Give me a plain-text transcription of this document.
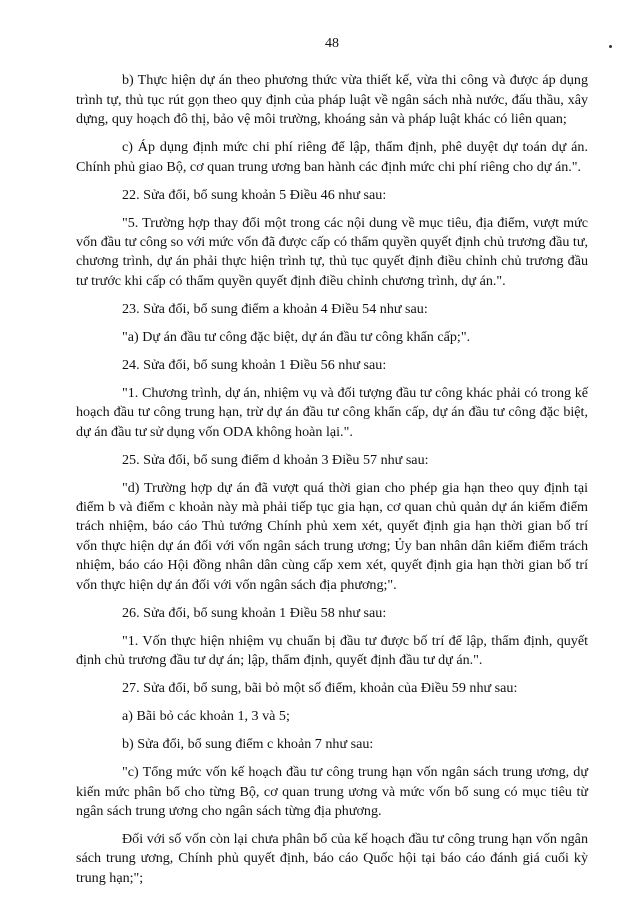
48

b) Thực hiện dự án theo phương thức vừa thiết kế, vừa thi công và được áp dụng trình tự, thủ tục rút gọn theo quy định của pháp luật về ngân sách nhà nước, đấu thầu, xây dựng, quy hoạch đô thị, bảo vệ môi trường, khoáng sản và pháp luật khác có liên quan;

c) Áp dụng định mức chi phí riêng để lập, thẩm định, phê duyệt dự toán dự án. Chính phủ giao Bộ, cơ quan trung ương ban hành các định mức chi phí riêng cho dự án.".

22. Sửa đổi, bổ sung khoản 5 Điều 46 như sau:

"5. Trường hợp thay đổi một trong các nội dung về mục tiêu, địa điểm, vượt mức vốn đầu tư công so với mức vốn đã được cấp có thẩm quyền quyết định chủ trương đầu tư, chương trình, dự án phải thực hiện trình tự, thủ tục quyết định điều chỉnh chủ trương đầu tư trước khi cấp có thẩm quyền quyết định điều chỉnh chương trình, dự án.".

23. Sửa đổi, bổ sung điểm a khoản 4 Điều 54 như sau:

"a) Dự án đầu tư công đặc biệt, dự án đầu tư công khẩn cấp;".

24. Sửa đổi, bổ sung khoản 1 Điều 56 như sau:

"1. Chương trình, dự án, nhiệm vụ và đối tượng đầu tư công khác phải có trong kế hoạch đầu tư công trung hạn, trừ dự án đầu tư công khẩn cấp, dự án đầu tư công đặc biệt, dự án đầu tư sử dụng vốn ODA không hoàn lại.".

25. Sửa đổi, bổ sung điểm d khoản 3 Điều 57 như sau:

"d) Trường hợp dự án đã vượt quá thời gian cho phép gia hạn theo quy định tại điểm b và điểm c khoản này mà phải tiếp tục gia hạn, cơ quan chủ quản dự án kiểm điểm trách nhiệm, báo cáo Thủ tướng Chính phủ xem xét, quyết định gia hạn thời gian bố trí vốn thực hiện dự án đối với vốn ngân sách trung ương; Ủy ban nhân dân kiểm điểm trách nhiệm, báo cáo Hội đồng nhân dân cùng cấp xem xét, quyết định gia hạn thời gian bố trí vốn thực hiện dự án đối với vốn ngân sách địa phương;".

26. Sửa đổi, bổ sung khoản 1 Điều 58 như sau:

"1. Vốn thực hiện nhiệm vụ chuẩn bị đầu tư được bố trí để lập, thẩm định, quyết định chủ trương đầu tư dự án; lập, thẩm định, quyết định đầu tư dự án.".

27. Sửa đổi, bổ sung, bãi bỏ một số điểm, khoản của Điều 59 như sau:

a) Bãi bỏ các khoản 1, 3 và 5;

b) Sửa đổi, bổ sung điểm c khoản 7 như sau:

"c) Tổng mức vốn kế hoạch đầu tư công trung hạn vốn ngân sách trung ương, dự kiến mức phân bổ cho từng Bộ, cơ quan trung ương và mức vốn bổ sung có mục tiêu từ ngân sách trung ương cho ngân sách từng địa phương.

Đối với số vốn còn lại chưa phân bổ của kế hoạch đầu tư công trung hạn vốn ngân sách trung ương, Chính phủ quyết định, báo cáo Quốc hội tại báo cáo đánh giá cuối kỳ trung hạn;";
